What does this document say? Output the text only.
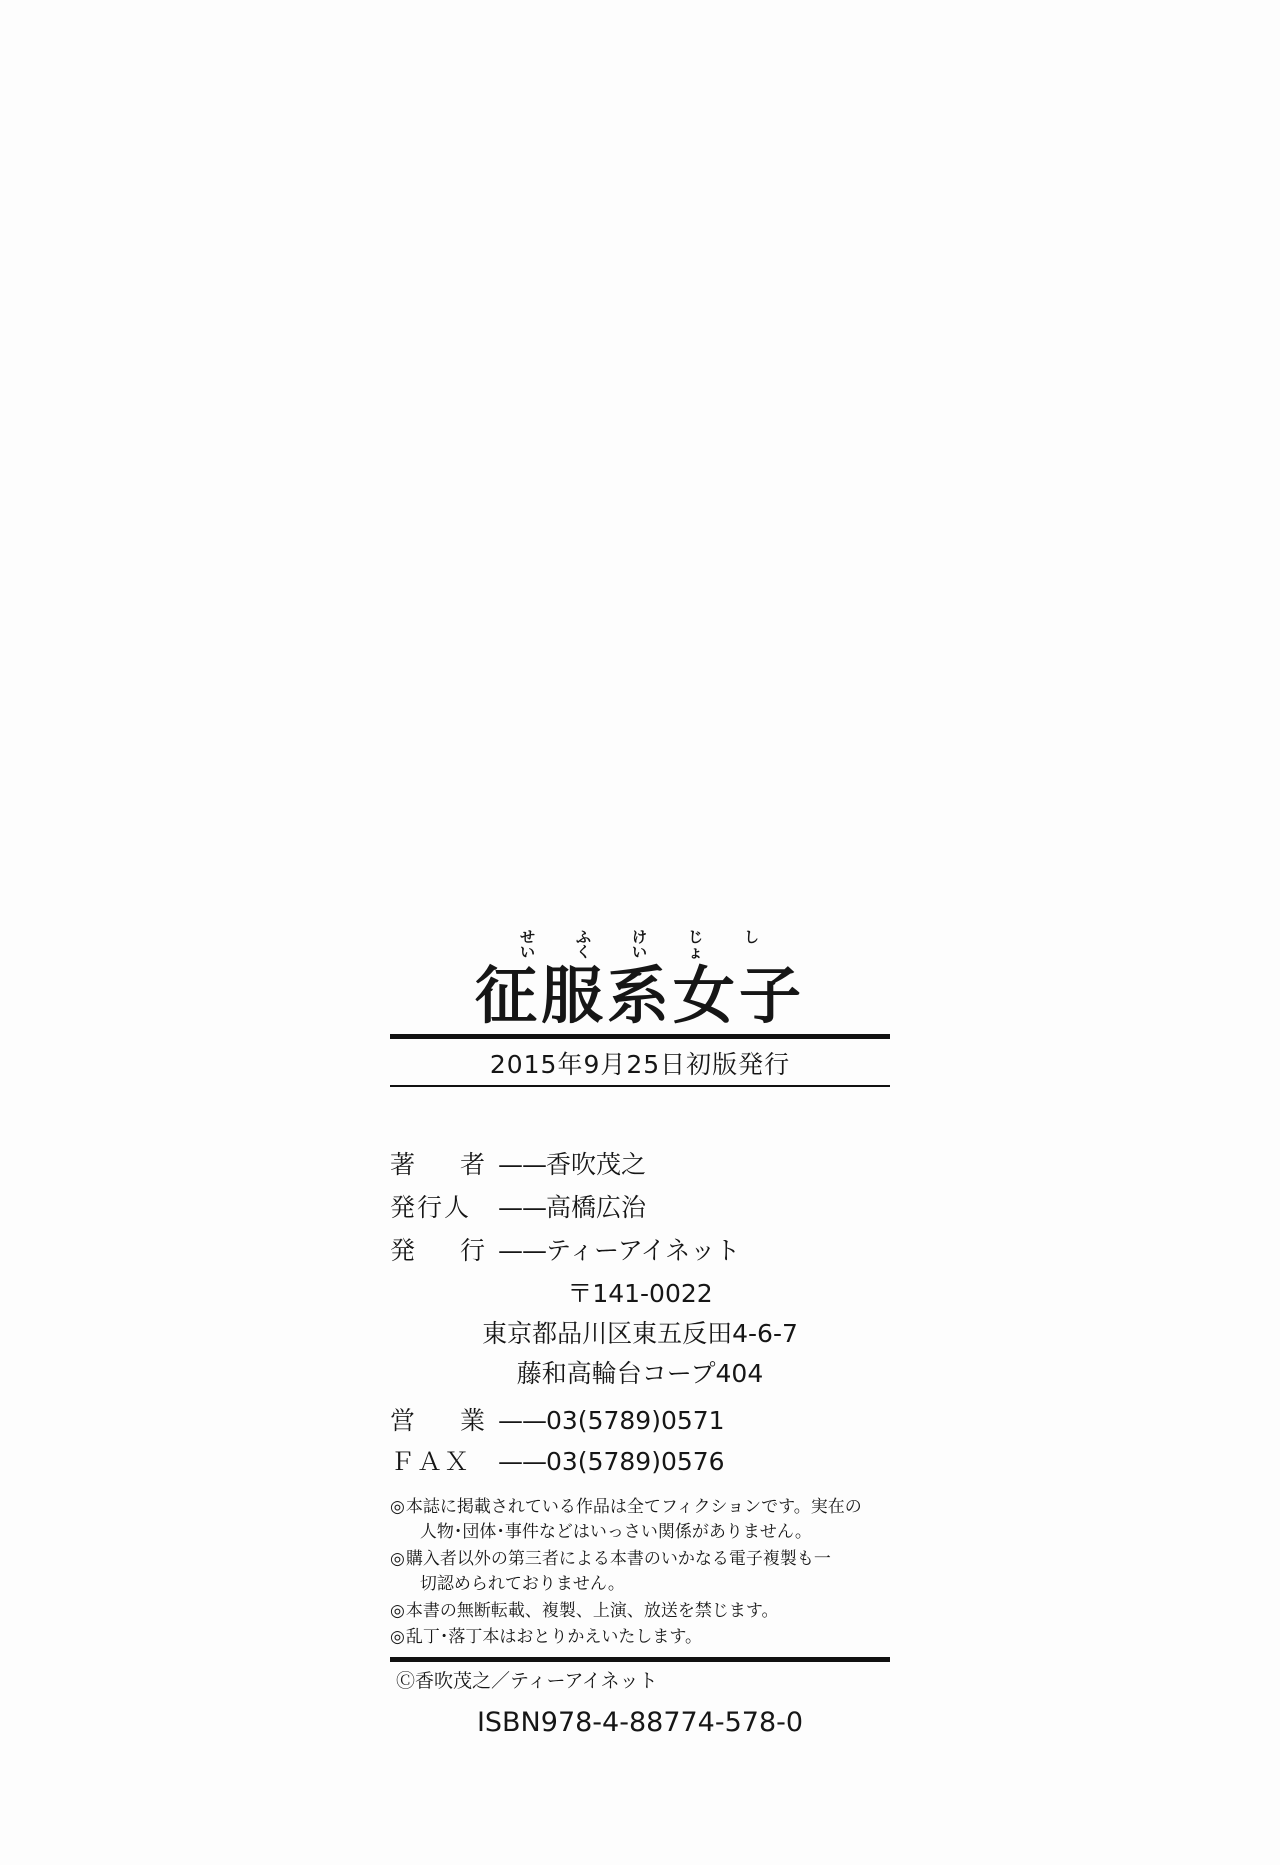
せい
ふく
けい
じょ
し
征服系女子
2015年9月25日初版発行
著　者 —— 香吹茂之
発行人	—— 高橋広治
発　行 —— ティーアイネット
〒141-0022
東京都品川区東五反田4-6-7
藤和高輪台コープ404
営　業 —— 03(5789)0571
ＦＡＸ	—— 03(5789)0576
◎ 本誌に掲載されている作品は全てフィクションです。実在の
人物･団体･事件などはいっさい関係がありません。
◎ 購入者以外の第三者による本書のいかなる電子複製も一
切認められておりません。
◎ 本書の無断転載、複製、上演、放送を禁じます。
◎ 乱丁･落丁本はおとりかえいたします。
Ⓒ香吹茂之／ティーアイネット
ISBN978-4-88774-578-0
